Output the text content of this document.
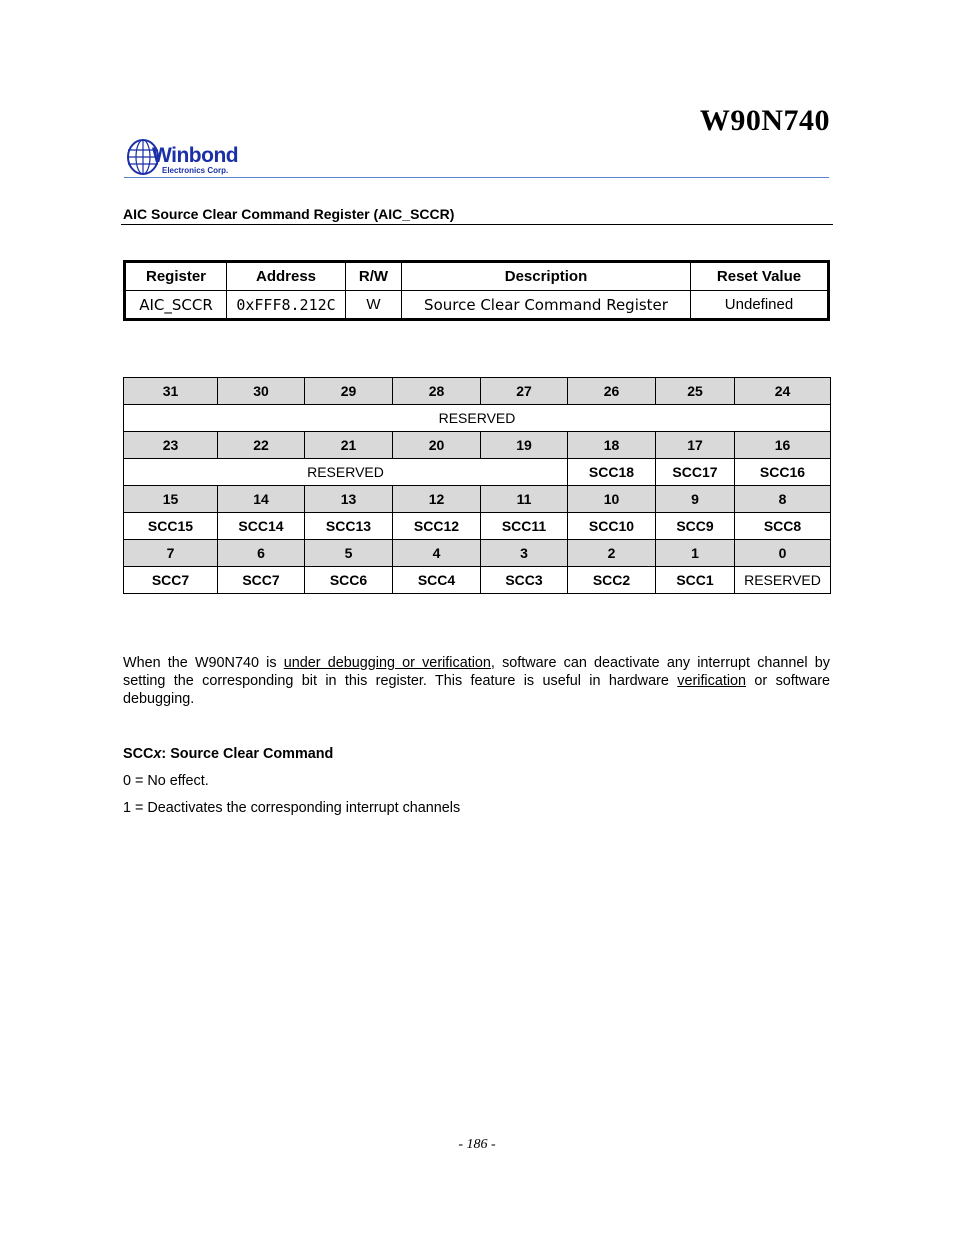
W90N740
Winbond
Electronics Corp.
AIC Source Clear Command Register (AIC_SCCR)
Register	Address	R/W	Description	Reset Value
AIC_SCCR	0xFFF8.212C	W	Source Clear Command Register	Undefined
31	30	29	28	27	26	25	24
RESERVED							
23	22	21	20	19	18	17	16
RESERVED					SCC18	SCC17	SCC16
15	14	13	12	11	10	9	8
SCC15	SCC14	SCC13	SCC12	SCC11	SCC10	SCC9	SCC8
7	6	5	4	3	2	1	0
SCC7	SCC7	SCC6	SCC4	SCC3	SCC2	SCC1	RESERVED
When the W90N740 is under debugging or verification, software can deactivate any interrupt channel by setting the corresponding bit in this register. This feature is useful in hardware verification or software debugging.
SCCx: Source Clear Command
0 = No effect.
1 = Deactivates the corresponding interrupt channels
- 186 -
